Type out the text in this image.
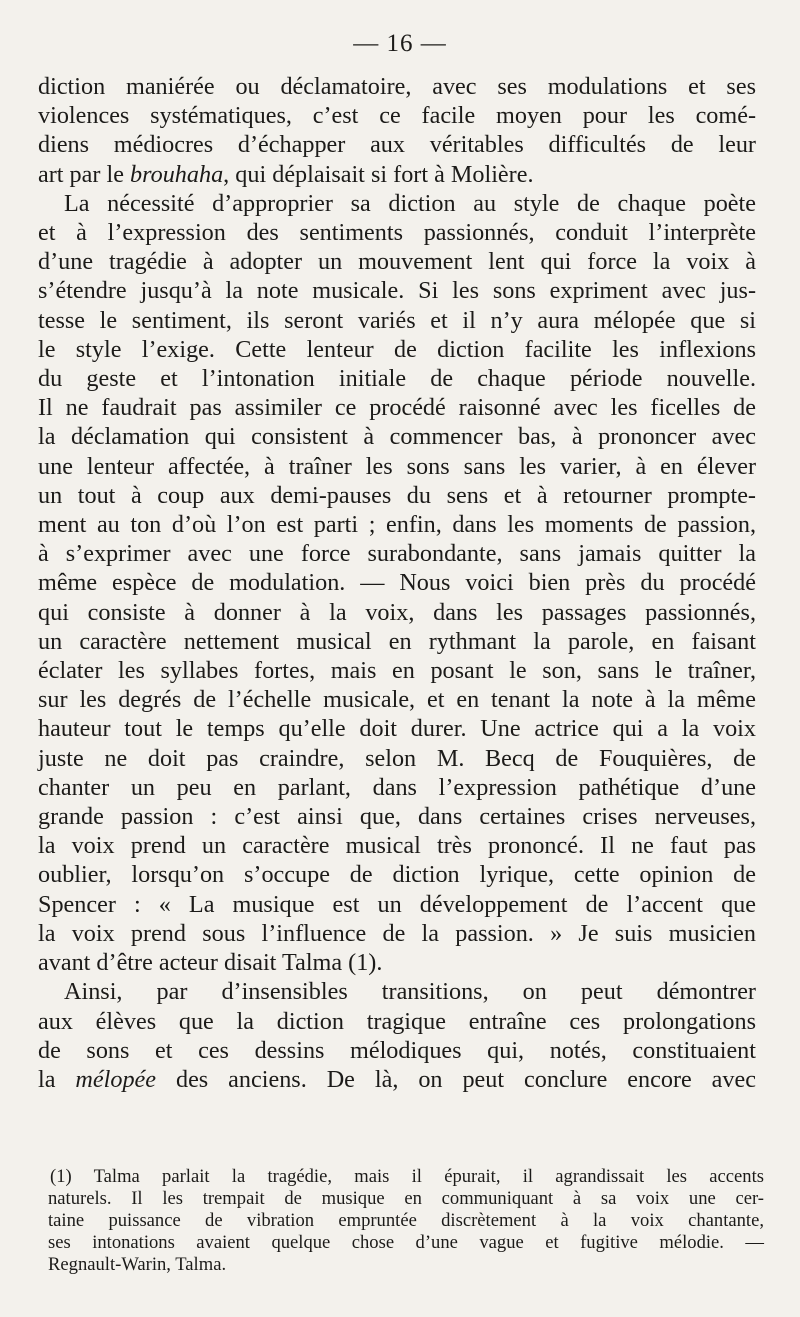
— 16 —
diction maniérée ou déclamatoire, avec ses modulations et ses
violences systématiques, c’est ce facile moyen pour les comé-
diens médiocres d’échapper aux véritables difficultés de leur
art par le brouhaha, qui déplaisait si fort à Molière.
La nécessité d’approprier sa diction au style de chaque poète
et à l’expression des sentiments passionnés, conduit l’interprète
d’une tragédie à adopter un mouvement lent qui force la voix à
s’étendre jusqu’à la note musicale. Si les sons expriment avec jus-
tesse le sentiment, ils seront variés et il n’y aura mélopée que si
le style l’exige. Cette lenteur de diction facilite les inflexions
du geste et l’intonation initiale de chaque période nouvelle.
Il ne faudrait pas assimiler ce procédé raisonné avec les ficelles de
la déclamation qui consistent à commencer bas, à prononcer avec
une lenteur affectée, à traîner les sons sans les varier, à en élever
un tout à coup aux demi-pauses du sens et à retourner prompte-
ment au ton d’où l’on est parti ; enfin, dans les moments de passion,
à s’exprimer avec une force surabondante, sans jamais quitter la
même espèce de modulation. — Nous voici bien près du procédé
qui consiste à donner à la voix, dans les passages passionnés,
un caractère nettement musical en rythmant la parole, en faisant
éclater les syllabes fortes, mais en posant le son, sans le traîner,
sur les degrés de l’échelle musicale, et en tenant la note à la même
hauteur tout le temps qu’elle doit durer. Une actrice qui a la voix
juste ne doit pas craindre, selon M. Becq de Fouquières, de
chanter un peu en parlant, dans l’expression pathétique d’une
grande passion : c’est ainsi que, dans certaines crises nerveuses,
la voix prend un caractère musical très prononcé. Il ne faut pas
oublier, lorsqu’on s’occupe de diction lyrique, cette opinion de
Spencer : « La musique est un développement de l’accent que
la voix prend sous l’influence de la passion. » Je suis musicien
avant d’être acteur disait Talma (1).
Ainsi, par d’insensibles transitions, on peut démontrer
aux élèves que la diction tragique entraîne ces prolongations
de sons et ces dessins mélodiques qui, notés, constituaient
la mélopée des anciens. De là, on peut conclure encore avec
(1) Talma parlait la tragédie, mais il épurait, il agrandissait les accents
naturels. Il les trempait de musique en communiquant à sa voix une cer-
taine puissance de vibration empruntée discrètement à la voix chantante,
ses intonations avaient quelque chose d’une vague et fugitive mélodie. —
Regnault-Warin, Talma.
